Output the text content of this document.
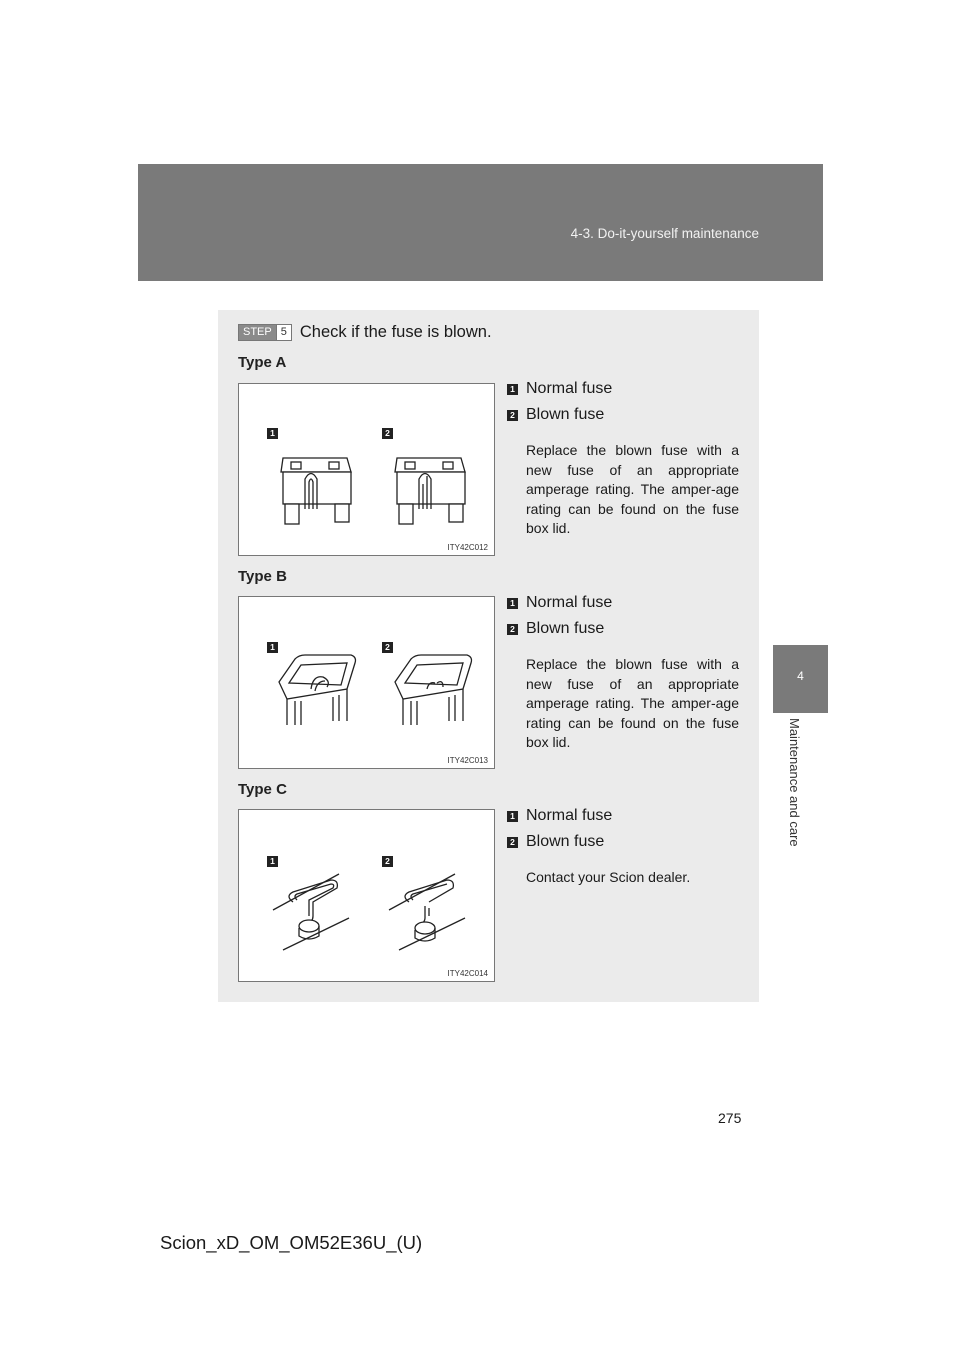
4-3. Do-it-yourself maintenance
4
Maintenance and care
STEP 5 Check if the fuse is blown.
Type A
1	2
ITY42C012
1 Normal fuse
2 Blown fuse
Replace the blown fuse with a new fuse of an appropriate amperage rating. The amper-age rating can be found on the fuse box lid.
Type B
1	2
ITY42C013
1 Normal fuse
2 Blown fuse
Replace the blown fuse with a new fuse of an appropriate amperage rating. The amper-age rating can be found on the fuse box lid.
Type C
1	2
ITY42C014
1 Normal fuse
2 Blown fuse
Contact your Scion dealer.
275
Scion_xD_OM_OM52E36U_(U)
